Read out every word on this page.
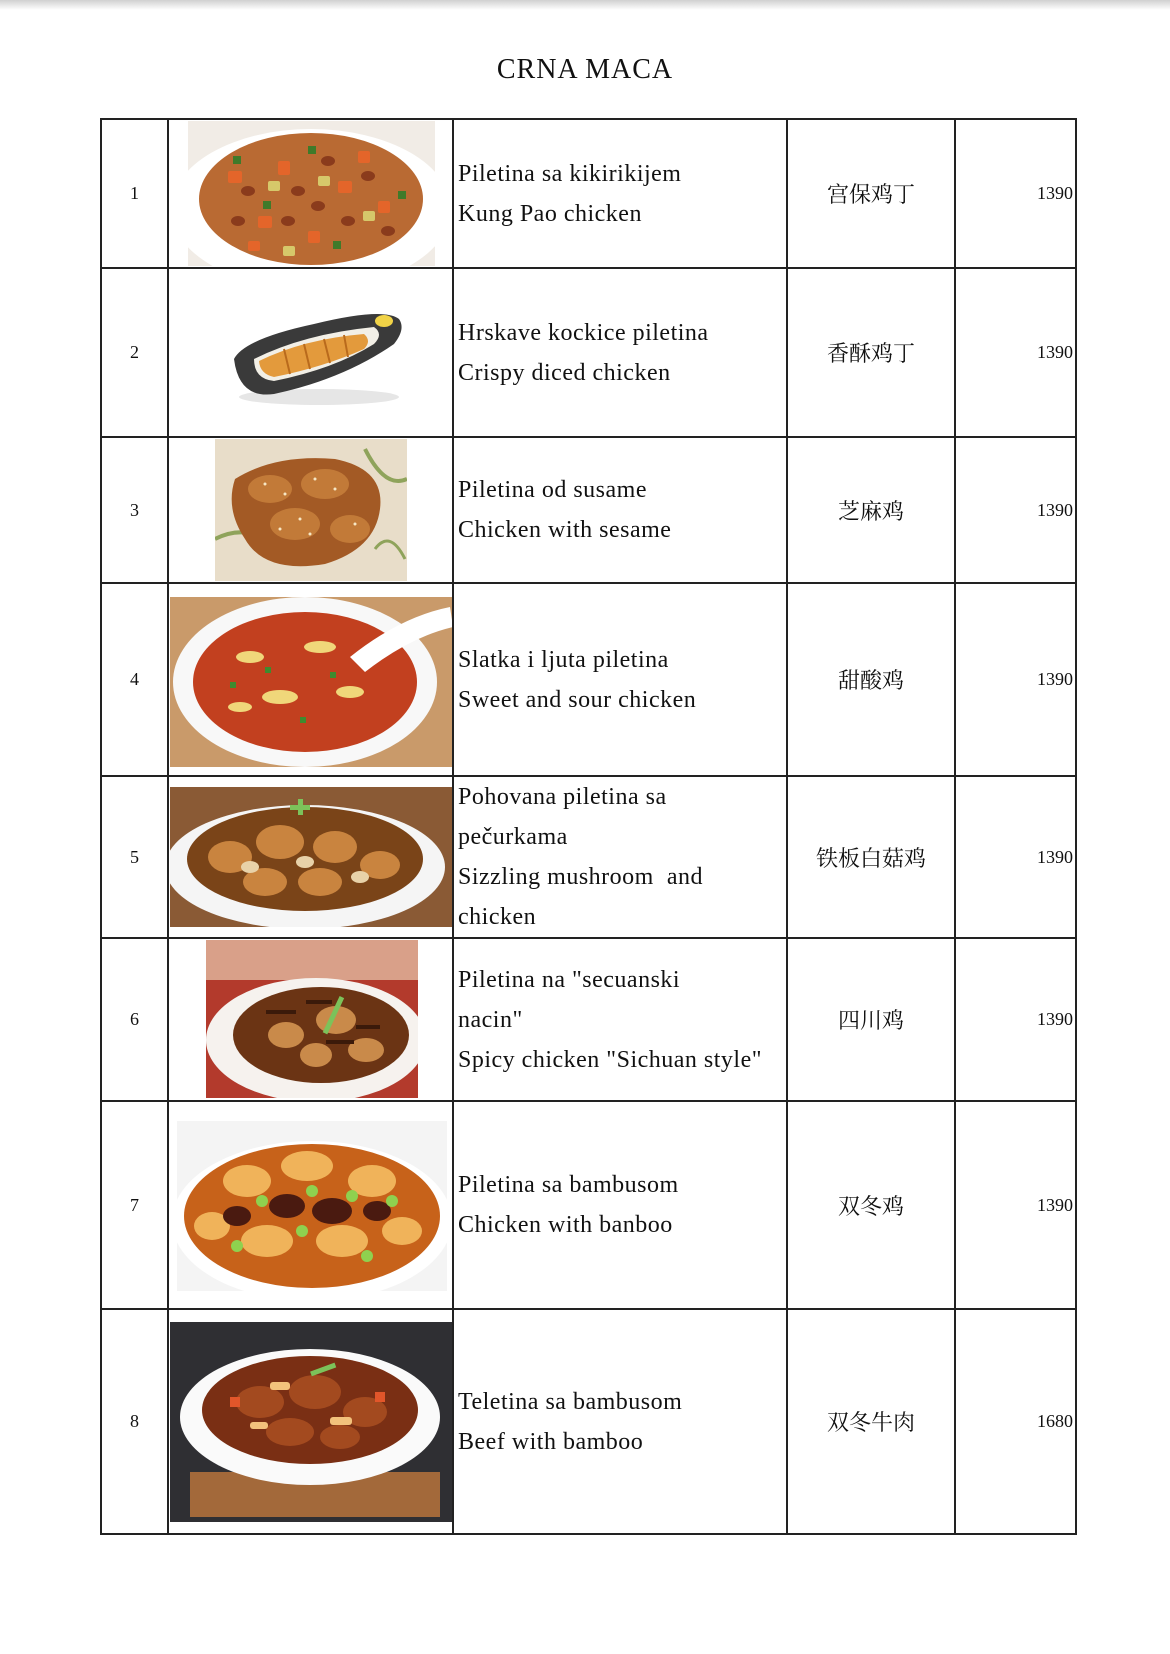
CRNA MACA
1		Piletina sa kikirikijem
Kung Pao chicken	宫保鸡丁	1390
2		Hrskave kockice piletina
Crispy diced chicken	香酥鸡丁	1390
3		Piletina od susame
Chicken with sesame	芝麻鸡	1390
4		Slatka i ljuta piletina
Sweet and sour chicken	甜酸鸡	1390
5		Pohovana piletina sa pečurkama
Sizzling mushroom  and chicken	铁板白菇鸡	1390
6		Piletina na "secuanski nacin"
Spicy chicken "Sichuan style"	四川鸡	1390
7		Piletina sa bambusom
Chicken with banboo	双冬鸡	1390
8		Teletina sa bambusom
Beef with bamboo	双冬牛肉	1680
